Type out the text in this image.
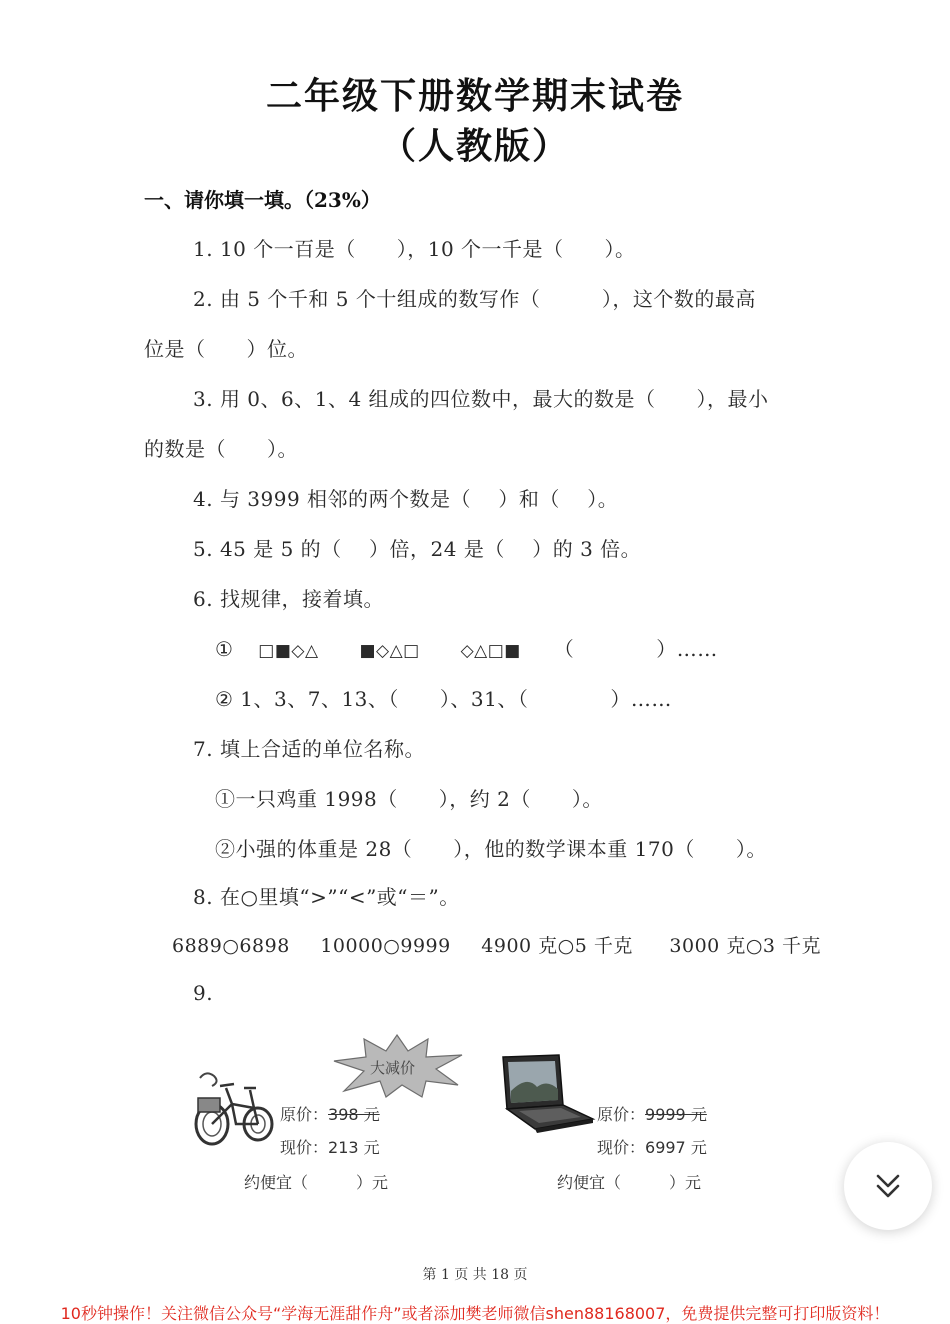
二年级下册数学期末试卷
（人教版）
一、请你填一填。（23%）
1. 10 个一百是（　　），10 个一千是（　　）。
2. 由 5 个千和 5 个十组成的数写作（　　　），这个数的最高
位是（　　）位。
3. 用 0、6、1、4 组成的四位数中，最大的数是（　　），最小
的数是（　　）。
4. 与 3999 相邻的两个数是（　 ）和（　 ）。
5. 45 是 5 的（　 ）倍，24 是（　 ）的 3 倍。
6. 找规律，接着填。
① □■◇△ ■◇△□ ◇△□■ （　　　　）……
② 1、3、7、13、（　　）、31、（　　　　）……
7. 填上合适的单位名称。
①一只鸡重 1998（　　），约 2（　　）。
②小强的体重是 28（　　），他的数学课本重 170（　　）。
8. 在○里填“>”“<”或“＝”。
6889○6898 10000○9999 4900 克○5 千克 3000 克○3 千克
9.
大减价
原价：398 元
现价：213 元
约便宜（　　　）元
原价：9999 元
现价：6997 元
约便宜（　　　）元
第 1 页 共 18 页
10秒钟操作！关注微信公众号“学海无涯甜作舟”或者添加樊老师微信shen88168007，免费提供完整可打印版资料！
